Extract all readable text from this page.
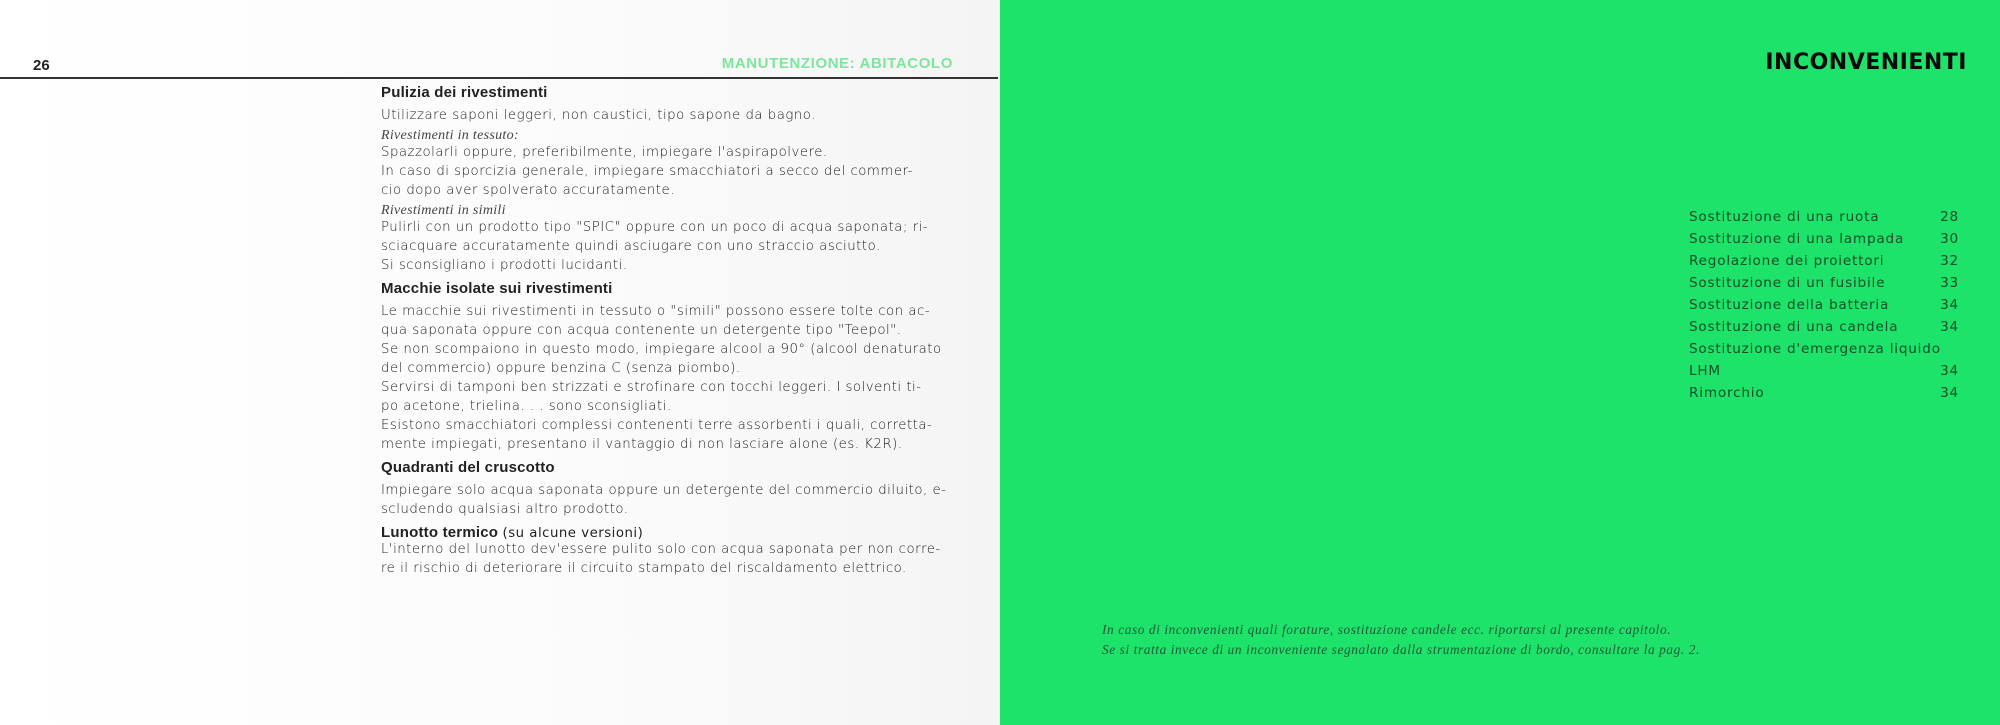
26	MANUTENZIONE: ABITACOLO
Pulizia dei rivestimenti
Utilizzare saponi leggeri, non caustici, tipo sapone da bagno.
Rivestimenti in tessuto:
Spazzolarli oppure, preferibilmente, impiegare l'aspirapolvere.
In caso di sporcizia generale, impiegare smacchiatori a secco del commer-
cio dopo aver spolverato accuratamente.
Rivestimenti in simili
Pulirli con un prodotto tipo "SPIC" oppure con un poco di acqua saponata; ri-
sciacquare accuratamente quindi asciugare con uno straccio asciutto.
Si sconsigliano i prodotti lucidanti.
Macchie isolate sui rivestimenti
Le macchie sui rivestimenti in tessuto o "simili" possono essere tolte con ac-
qua saponata oppure con acqua contenente un detergente tipo "Teepol".
Se non scompaiono in questo modo, impiegare alcool a 90° (alcool denaturato
del commercio) oppure benzina C (senza piombo).
Servirsi di tamponi ben strizzati e strofinare con tocchi leggeri. I solventi ti-
po acetone, trielina. . . sono sconsigliati.
Esistono smacchiatori complessi contenenti terre assorbenti i quali, corretta-
mente impiegati, presentano il vantaggio di non lasciare alone (es. K2R).
Quadranti del cruscotto
Impiegare solo acqua saponata oppure un detergente del commercio diluito, e-
scludendo qualsiasi altro prodotto.
Lunotto termico (su alcune versioni)
L'interno del lunotto dev'essere pulito solo con acqua saponata per non corre-
re il rischio di deteriorare il circuito stampato del riscaldamento elettrico.
INCONVENIENTI
Sostituzione di una ruota	28
Sostituzione di una lampada	30
Regolazione dei proiettori	32
Sostituzione di un fusibile	33
Sostituzione della batteria	34
Sostituzione di una candela	34
Sostituzione d'emergenza liquido
LHM	34
Rimorchio	34
In caso di inconvenienti quali forature, sostituzione candele ecc. riportarsi al presente capitolo.
Se si tratta invece di un inconveniente segnalato dalla strumentazione di bordo, consultare la pag. 2.
